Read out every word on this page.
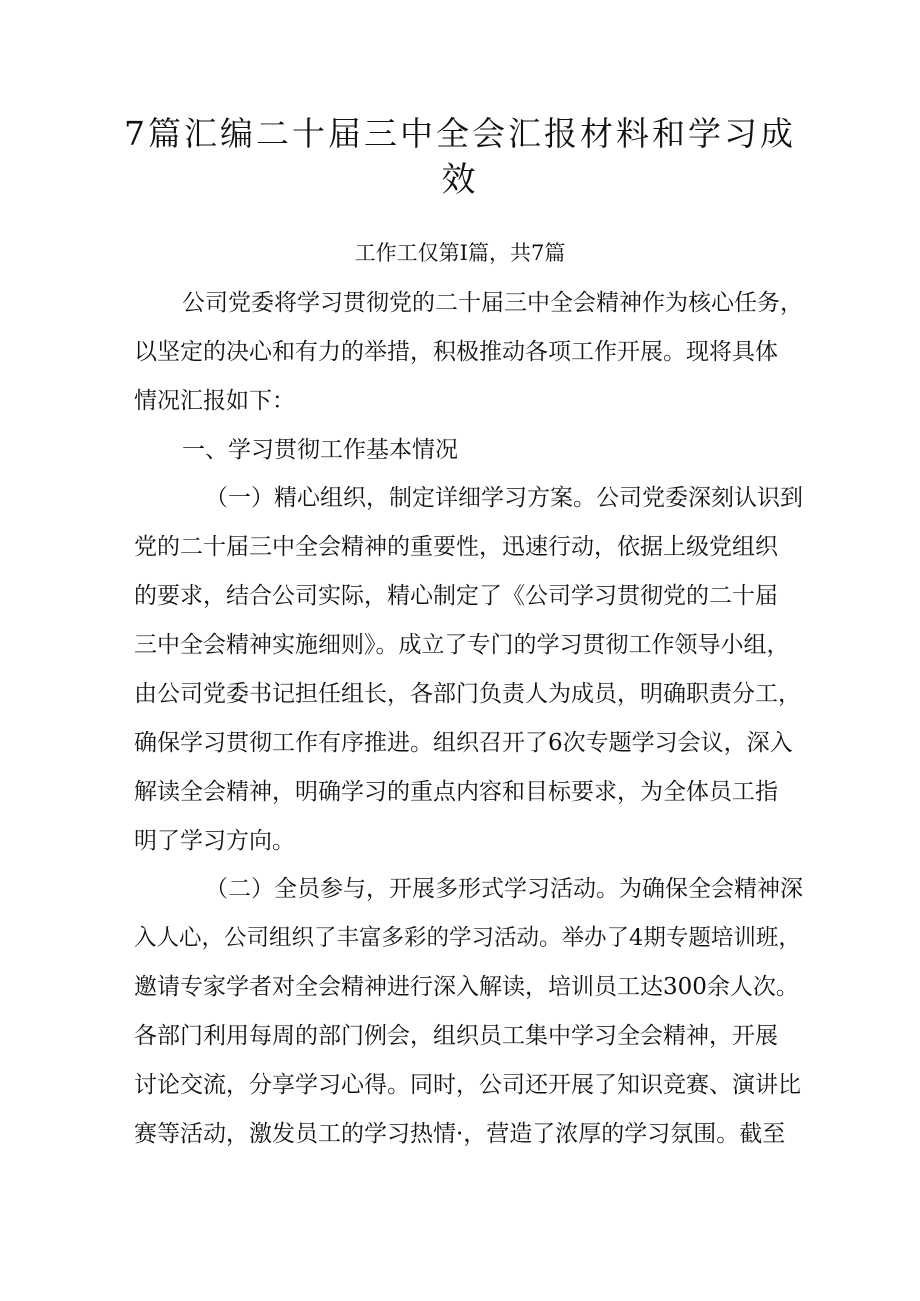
7篇汇编二十届三中全会汇报材料和学习成
效
工作工仅第Ⅰ篇，共7篇
公司党委将学习贯彻党的二十届三中全会精神作为核心任务，
以坚定的决心和有力的举措，积极推动各项工作开展。现将具体
情况汇报如下：
一、学习贯彻工作基本情况
（一）精心组织，制定详细学习方案。公司党委深刻认识到
党的二十届三中全会精神的重要性，迅速行动，依据上级党组织
的要求，结合公司实际，精心制定了《公司学习贯彻党的二十届
三中全会精神实施细则》。成立了专门的学习贯彻工作领导小组，
由公司党委书记担任组长，各部门负责人为成员，明确职责分工，
确保学习贯彻工作有序推进。组织召开了6次专题学习会议，深入
解读全会精神，明确学习的重点内容和目标要求，为全体员工指
明了学习方向。
（二）全员参与，开展多形式学习活动。为确保全会精神深
入人心，公司组织了丰富多彩的学习活动。举办了4期专题培训班，
邀请专家学者对全会精神进行深入解读，培训员工达300余人次。
各部门利用每周的部门例会，组织员工集中学习全会精神，开展
讨论交流，分享学习心得。同时，公司还开展了知识竞赛、演讲比
赛等活动，激发员工的学习热情·，营造了浓厚的学习氛围。截至
